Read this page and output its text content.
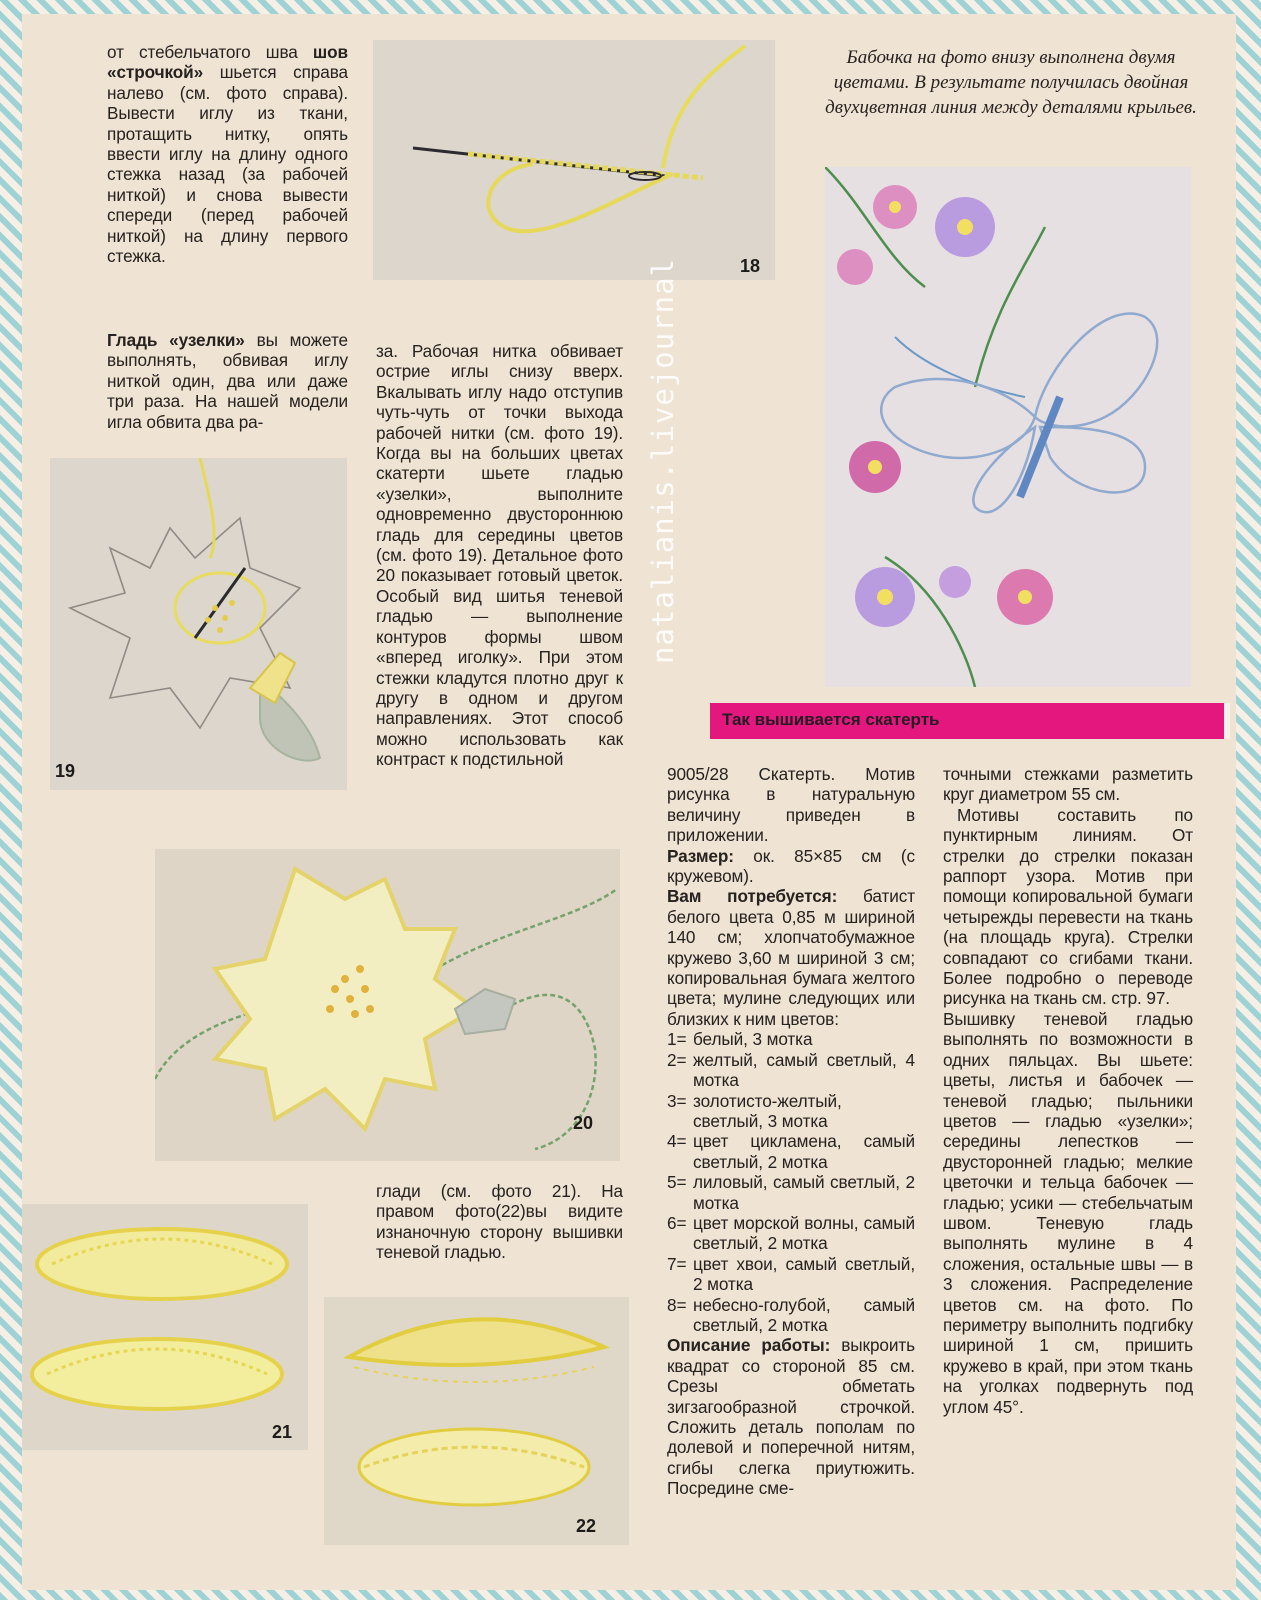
от стебельчатого шва шов «строчкой» шьется справа налево (см. фото справа). Вывести иглу из ткани, протащить нитку, опять ввести иглу на длину одного стежка назад (за рабочей ниткой) и снова вывести спереди (перед рабочей ниткой) на длину первого стежка.	18
Бабочка на фото внизу выполнена двумя цветами. В результате получилась двойная двухцветная линия между деталями крыльев.
natalianis.livejournal

Гладь «узелки» вы можете выполнять, обвивая иглу ниткой один, два или даже три раза. На нашей модели игла обвита два ра-

19
за. Рабочая нитка обвивает острие иглы снизу вверх. Вкалывать иглу надо отступив чуть-чуть от точки выхода рабочей нитки (см. фото 19). Когда вы на больших цветах скатерти шьете гладью «узелки», выполните одновременно двустороннюю гладь для середины цветов (см. фото 19). Детальное фото 20 показывает готовый цветок. Особый вид шитья теневой гладью — выполнение контуров формы швом «вперед иголку». При этом стежки кладутся плотно друг к другу в одном и другом направлениях. Этот способ можно использовать как контраст к подстильной
20
глади (см. фото 21). На правом фото(22)вы видите изнаночную сторону вышивки теневой гладью.
21
22
Так вышивается скатерть

9005/28 Скатерть. Мотив рисунка в натуральную величину приведен в приложении.

Размер: ок. 85×85 см (с кружевом).

Вам потребуется: батист белого цвета 0,85 м шириной 140 см; хлопчатобумажное кружево 3,60 м шириной 3 см; копировальная бумага желтого цвета; мулине следующих или близких к ним цветов:

1= белый, 3 мотка
2= желтый, самый светлый, 4 мотка
3= золотисто-желтый, светлый, 3 мотка
4= цвет цикламена, самый светлый, 2 мотка
5= лиловый, самый светлый, 2 мотка
6= цвет морской волны, самый светлый, 2 мотка
7= цвет хвои, самый светлый, 2 мотка
8= небесно-голубой, самый светлый, 2 мотка

Описание работы: выкроить квадрат со стороной 85 см. Срезы обметать зигзагообразной строчкой. Сложить деталь пополам по долевой и поперечной нитям, сгибы слегка приутюжить. Посредине сме-

точными стежками разметить круг диаметром 55 см.

Мотивы составить по пунктирным линиям. От стрелки до стрелки показан раппорт узора. Мотив при помощи копировальной бумаги четырежды перевести на ткань (на площадь круга). Стрелки совпадают со сгибами ткани. Более подробно о переводе рисунка на ткань см. стр. 97.

Вышивку теневой гладью выполнять по возможности в одних пяльцах. Вы шьете: цветы, листья и бабочек — теневой гладью; пыльники цветов — гладью «узелки»; середины лепестков — двусторонней гладью; мелкие цветочки и тельца бабочек — гладью; усики — стебельчатым швом. Теневую гладь выполнять мулине в 4 сложения, остальные швы — в 3 сложения. Распределение цветов см. на фото. По периметру выполнить подгибку шириной 1 см, пришить кружево в край, при этом ткань на уголках подвернуть под углом 45°.
